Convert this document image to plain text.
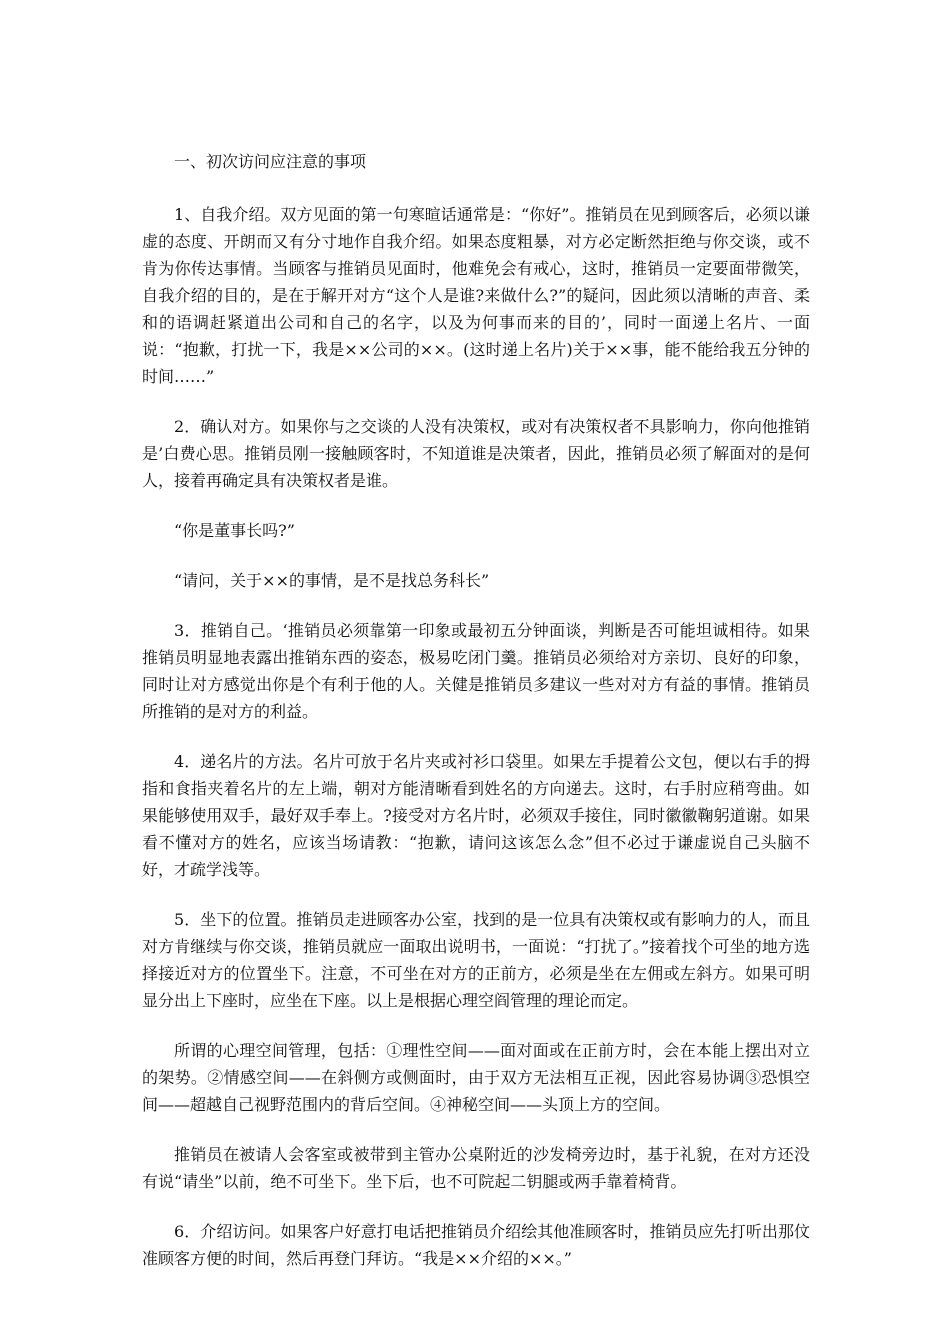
一、初次访问应注意的事项

1、自我介绍。双方见面的第一句寒暄话通常是：“你好”。推销员在见到顾客后，必须以谦虚的态度、开朗而又有分寸地作自我介绍。如果态度粗暴，对方必定断然拒绝与你交谈，或不肯为你传达事情。当顾客与推销员见面时，他难免会有戒心，这时，推销员一定要面带微笑，自我介绍的目的，是在于解开对方“这个人是谁?来做什么?”的疑问，因此须以清晰的声音、柔和的语调赶紧道出公司和自己的名字，以及为何事而来的目的’，同时一面递上名片、一面说：“抱歉，打扰一下，我是××公司的××。(这时递上名片)关于××事，能不能给我五分钟的时间……”

2．确认对方。如果你与之交谈的人没有决策权，或对有决策权者不具影响力，你向他推销是’白费心思。推销员刚一接触顾客时，不知道谁是决策者，因此，推销员必须了解面对的是何人，接着再确定具有决策权者是谁。

“你是董事长吗?”

“请问，关于××的事情，是不是找总务科长”

3．推销自己。‘推销员必须靠第一印象或最初五分钟面谈，判断是否可能坦诚相待。如果推销员明显地表露出推销东西的姿态，极易吃闭门羹。推销员必须给对方亲切、良好的印象，同时让对方感觉出你是个有利于他的人。关健是推销员多建议一些对对方有益的事情。推销员所推销的是对方的利益。

4．递名片的方法。名片可放于名片夹或衬衫口袋里。如果左手提着公文包，便以右手的拇指和食指夹着名片的左上端，朝对方能清晰看到姓名的方向递去。这时，右手肘应稍弯曲。如果能够使用双手，最好双手奉上。?接受对方名片时，必须双手接住，同时徽徽鞠躬道谢。如果看不懂对方的姓名，应该当场请教：“抱歉，请问这该怎么念”但不必过于谦虚说自己头脑不好，才疏学浅等。

5．坐下的位置。推销员走进顾客办公室，找到的是一位具有决策权或有影响力的人，而且对方肯继续与你交谈，推销员就应一面取出说明书，一面说：“打扰了。”接着找个可坐的地方选择接近对方的位置坐下。注意，不可坐在对方的正前方，必须是坐在左佣或左斜方。如果可明显分出上下座时，应坐在下座。以上是根据心理空阎管理的理论而定。

所谓的心理空间管理，包括：①理性空间——面对面或在正前方时，会在本能上摆出对立的架势。②情感空间——在斜侧方或侧面时，由于双方无法相互正视，因此容易协调③恐惧空间——超越自己视野范围内的背后空间。④神秘空间——头顶上方的空间。

推销员在被请人会客室或被带到主管办公桌附近的沙发椅旁边时，基于礼貌，在对方还没有说“请坐”以前，绝不可坐下。坐下后，也不可院起二钥腿或两手靠着椅背。

6．介绍访问。如果客户好意打电话把推销员介绍绘其他准顾客时，推销员应先打听出那伩准顾客方便的时间，然后再登门拜访。“我是××介绍的××。”
